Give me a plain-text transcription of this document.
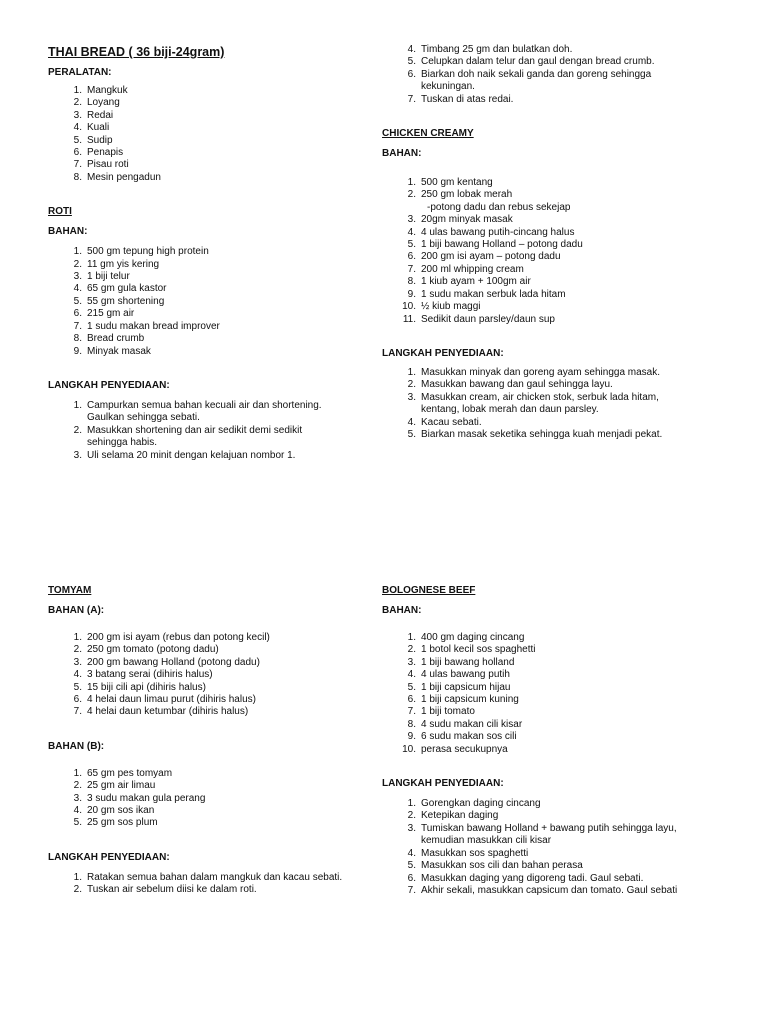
THAI BREAD ( 36 biji-24gram)

PERALATAN:

1. Mangkuk
2. Loyang
3. Redai
4. Kuali
5. Sudip
6. Penapis
7. Pisau roti
8. Mesin pengadun

ROTI

BAHAN:

1. 500 gm tepung high protein
2. 11 gm yis kering
3. 1 biji telur
4. 65 gm gula kastor
5. 55 gm shortening
6. 215 gm air
7. 1 sudu makan bread improver
8. Bread crumb
9. Minyak masak

LANGKAH PENYEDIAAN:

1. Campurkan semua bahan kecuali air dan shortening. Gaulkan sehingga sebati.
2. Masukkan shortening dan air sedikit demi sedikit sehingga habis.
3. Uli selama 20 minit dengan kelajuan nombor 1.
4. Timbang 25 gm dan bulatkan doh.
5. Celupkan dalam telur dan gaul dengan bread crumb.
6. Biarkan doh naik sekali ganda dan goreng sehingga kekuningan.
7. Tuskan di atas redai.

CHICKEN CREAMY

BAHAN:

1. 500 gm kentang
2. 250 gm lobak merah
-potong dadu dan rebus sekejap
3. 20gm minyak masak
4. 4 ulas bawang putih-cincang halus
5. 1 biji bawang Holland – potong dadu
6. 200 gm isi ayam – potong dadu
7. 200 ml whipping cream
8. 1 kiub ayam + 100gm air
9. 1 sudu makan serbuk lada hitam
10. ½ kiub maggi
11. Sedikit daun parsley/daun sup

LANGKAH PENYEDIAAN:

1. Masukkan minyak dan goreng ayam sehingga masak.
2. Masukkan bawang dan gaul sehingga layu.
3. Masukkan cream, air chicken stok, serbuk lada hitam, kentang, lobak merah dan daun parsley.
4. Kacau sebati.
5. Biarkan masak seketika sehingga kuah menjadi pekat.

TOMYAM

BAHAN (A):

1. 200 gm isi ayam (rebus dan potong kecil)
2. 250 gm tomato (potong dadu)
3. 200 gm bawang Holland (potong dadu)
4. 3 batang serai (dihiris halus)
5. 15 biji cili api (dihiris halus)
6. 4 helai daun limau purut (dihiris halus)
7. 4 helai daun ketumbar (dihiris halus)

BAHAN (B):

1. 65 gm pes tomyam
2. 25 gm air limau
3. 3 sudu makan gula perang
4. 20 gm sos ikan
5. 25 gm sos plum

LANGKAH PENYEDIAAN:

1. Ratakan semua bahan dalam mangkuk dan kacau sebati.
2. Tuskan air sebelum diisi ke dalam roti.

BOLOGNESE BEEF

BAHAN:

1. 400 gm daging cincang
2. 1 botol kecil sos spaghetti
3. 1 biji bawang holland
4. 4 ulas bawang putih
5. 1 biji capsicum hijau
6. 1 biji capsicum kuning
7. 1 biji tomato
8. 4 sudu makan cili kisar
9. 6 sudu makan sos cili
10. perasa secukupnya

LANGKAH PENYEDIAAN:

1. Gorengkan daging cincang
2. Ketepikan daging
3. Tumiskan bawang Holland + bawang putih sehingga layu, kemudian masukkan cili kisar
4. Masukkan sos spaghetti
5. Masukkan sos cili dan bahan perasa
6. Masukkan daging yang digoreng tadi. Gaul sebati.
7. Akhir sekali, masukkan capsicum dan tomato. Gaul sebati
